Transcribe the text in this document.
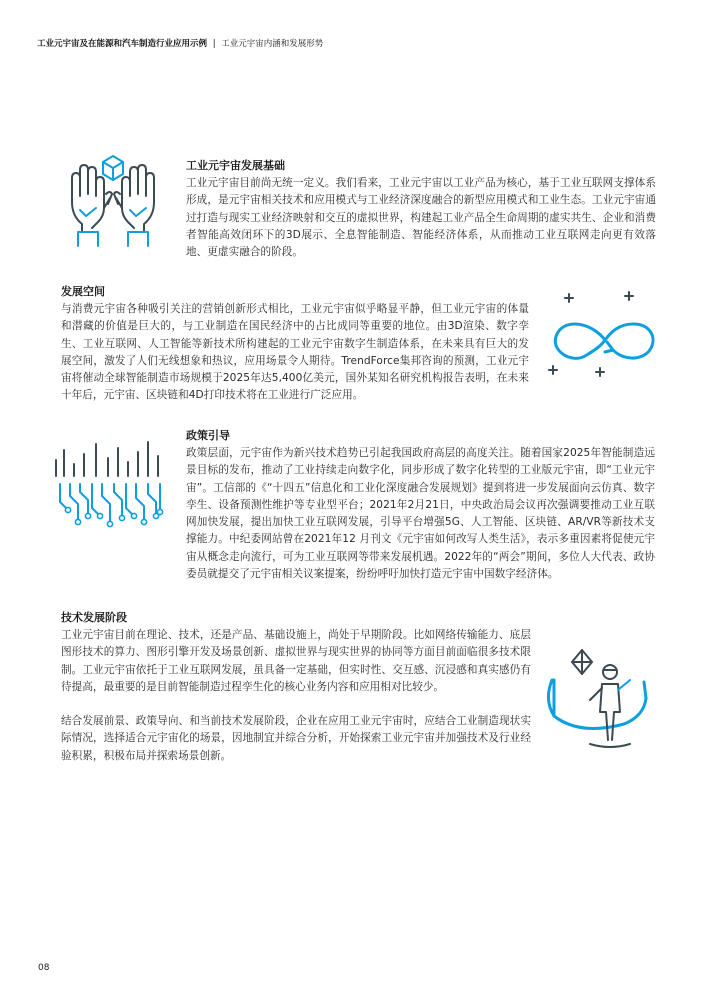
工业元宇宙及在能源和汽车制造行业应用示例 | 工业元宇宙内涵和发展形势
工业元宇宙发展基础

工业元宇宙目前尚无统一定义。我们看来，工业元宇宙以工业产品为核心，基于工业互联网支撑体系形成，是元宇宙相关技术和应用模式与工业经济深度融合的新型应用模式和工业生态。工业元宇宙通过打造与现实工业经济映射和交互的虚拟世界，构建起工业产品全生命周期的虚实共生、企业和消费者智能高效闭环下的3D展示、全息智能制造、智能经济体系，从而推动工业互联网走向更有效落地、更虚实融合的阶段。

发展空间

与消费元宇宙各种吸引关注的营销创新形式相比，工业元宇宙似乎略显平静，但工业元宇宙的体量和潜藏的价值是巨大的，与工业制造在国民经济中的占比成同等重要的地位。由3D渲染、数字孪生、工业互联网、人工智能等新技术所构建起的工业元宇宙数字生制造体系，在未来具有巨大的发展空间，激发了人们无线想象和热议，应用场景令人期待。TrendForce集邦咨询的预测，工业元宇宙将催动全球智能制造市场规模于2025年达5,400亿美元，国外某知名研究机构报告表明，在未来十年后，元宇宙、区块链和4D打印技术将在工业进行广泛应用。

政策引导

政策层面，元宇宙作为新兴技术趋势已引起我国政府高层的高度关注。随着国家2025年智能制造远景目标的发布，推动了工业持续走向数字化，同步形成了数字化转型的工业版元宇宙，即“工业元宇宙”。工信部的《“十四五”信息化和工业化深度融合发展规划》提到将进一步发展面向云仿真、数字孪生、设备预测性维护等专业型平台；2021年2月21日，中央政治局会议再次强调要推动工业互联网加快发展，提出加快工业互联网发展，引导平台增强5G、人工智能、区块链、AR/VR等新技术支撑能力。中纪委网站曾在2021年12 月刊文《元宇宙如何改写人类生活》，表示多重因素将促使元宇宙从概念走向流行，可为工业互联网等带来发展机遇。2022年的“两会”期间，多位人大代表、政协委员就提交了元宇宙相关议案提案，纷纷呼吁加快打造元宇宙中国数字经济体。

技术发展阶段

工业元宇宙目前在理论、技术，还是产品、基础设施上，尚处于早期阶段。比如网络传输能力、底层图形技术的算力、图形引擎开发及场景创新、虚拟世界与现实世界的协同等方面目前面临很多技术限制。工业元宇宙依托于工业互联网发展，虽具备一定基础，但实时性、交互感、沉浸感和真实感仍有待提高，最重要的是目前智能制造过程孪生化的核心业务内容和应用相对比较少。

结合发展前景、政策导向、和当前技术发展阶段，企业在应用工业元宇宙时，应结合工业制造现状实际情况，选择适合元宇宙化的场景，因地制宜并综合分析，开始探索工业元宇宙并加强技术及行业经验积累，积极布局并探索场景创新。

08
